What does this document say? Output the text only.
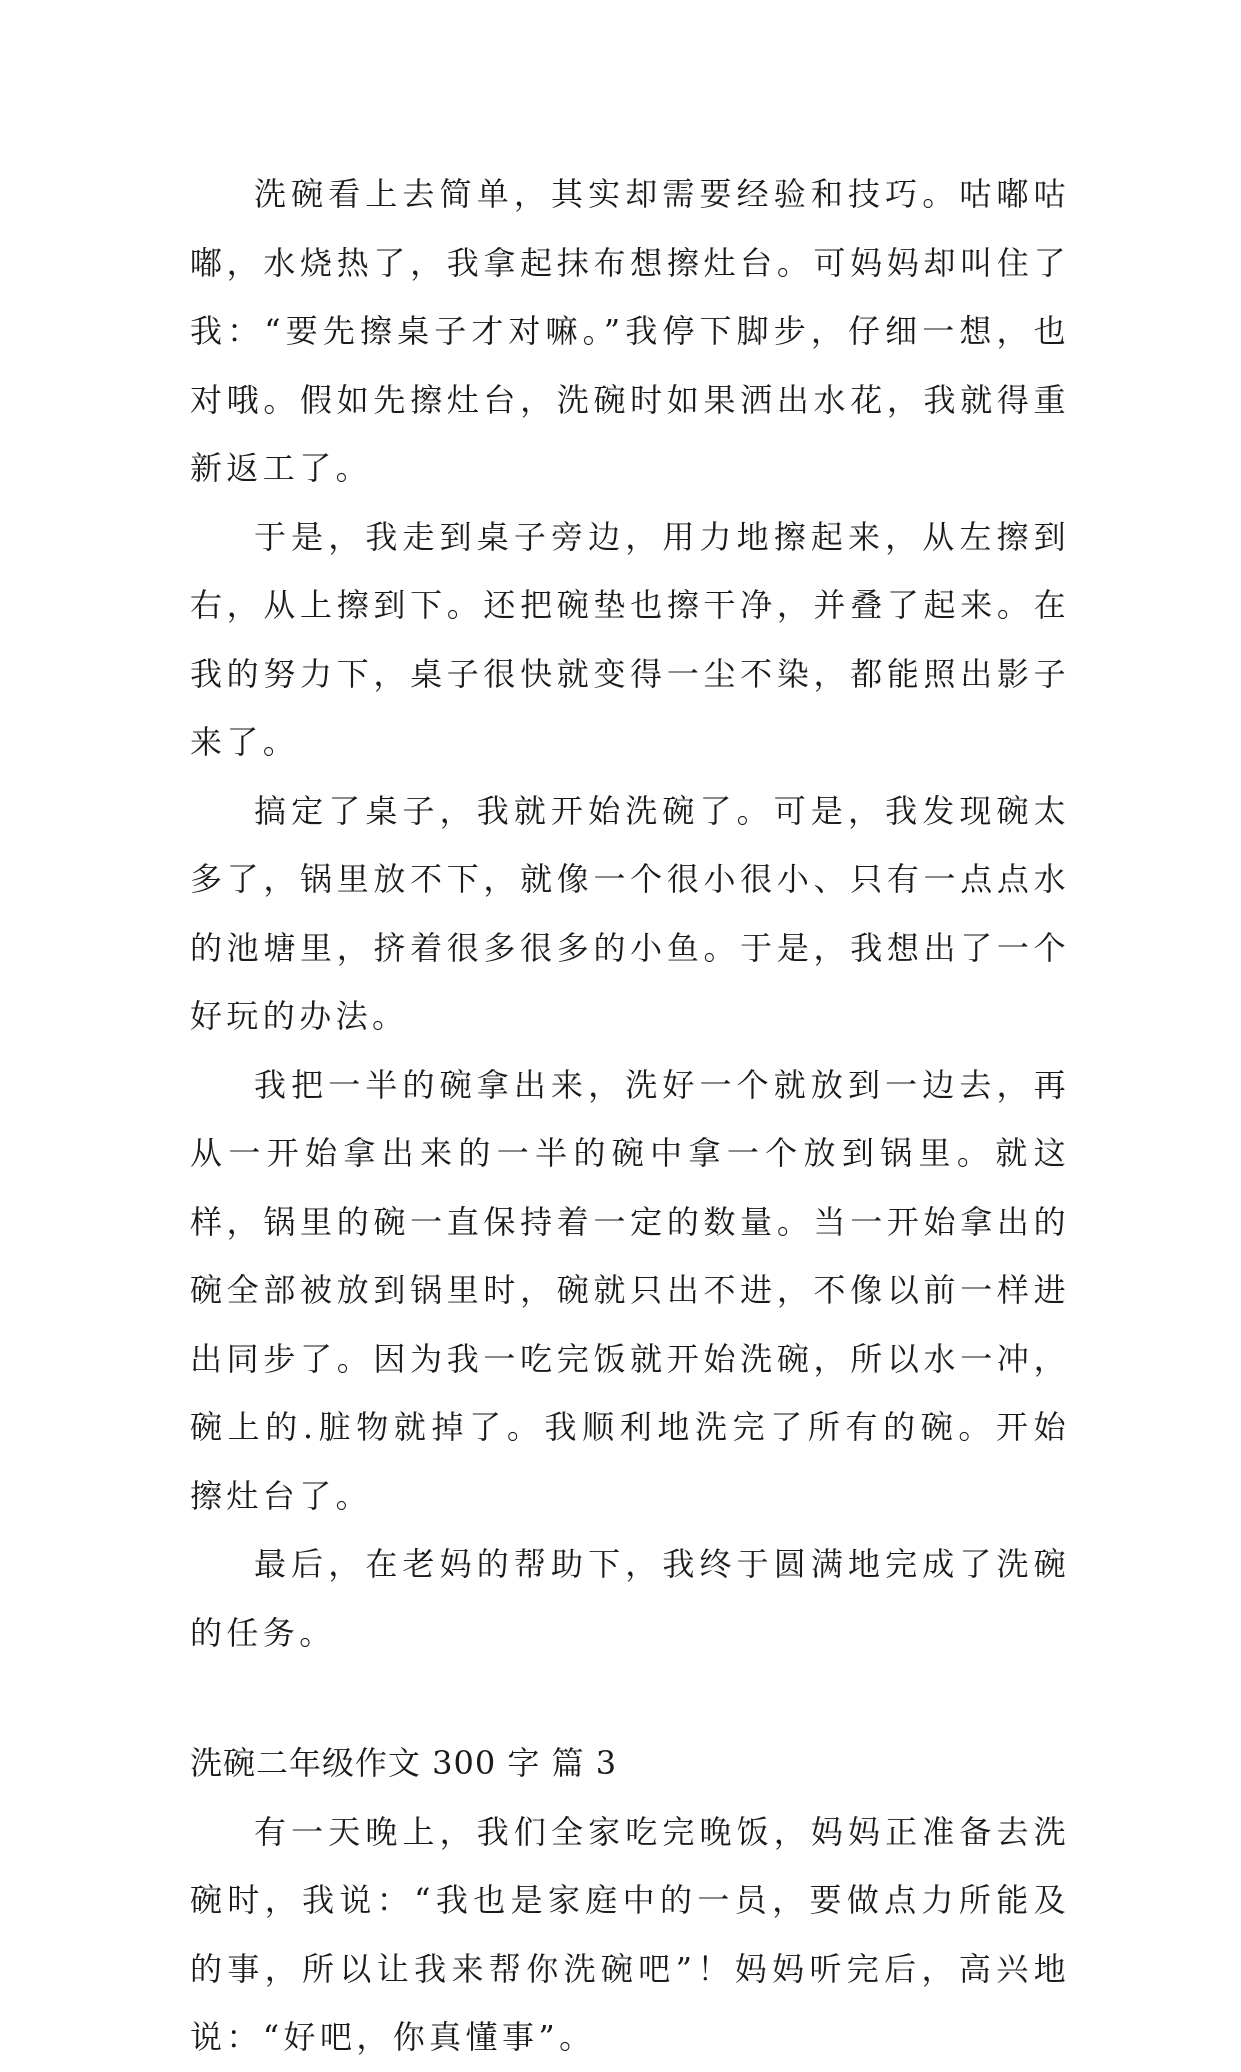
洗碗看上去简单，其实却需要经验和技巧。咕嘟咕嘟，水烧热了，我拿起抹布想擦灶台。可妈妈却叫住了我：“要先擦桌子才对嘛。”我停下脚步，仔细一想，也对哦。假如先擦灶台，洗碗时如果洒出水花，我就得重新返工了。

于是，我走到桌子旁边，用力地擦起来，从左擦到右，从上擦到下。还把碗垫也擦干净，并叠了起来。在我的努力下，桌子很快就变得一尘不染，都能照出影子来了。

搞定了桌子，我就开始洗碗了。可是，我发现碗太多了，锅里放不下，就像一个很小很小、只有一点点水的池塘里，挤着很多很多的小鱼。于是，我想出了一个好玩的办法。

我把一半的碗拿出来，洗好一个就放到一边去，再从一开始拿出来的一半的碗中拿一个放到锅里。就这样，锅里的碗一直保持着一定的数量。当一开始拿出的碗全部被放到锅里时，碗就只出不进，不像以前一样进出同步了。因为我一吃完饭就开始洗碗，所以水一冲，碗上的.脏物就掉了。我顺利地洗完了所有的碗。开始擦灶台了。

最后，在老妈的帮助下，我终于圆满地完成了洗碗的任务。

洗碗二年级作文 300 字 篇 3

有一天晚上，我们全家吃完晚饭，妈妈正准备去洗碗时，我说：“我也是家庭中的一员，要做点力所能及的事，所以让我来帮你洗碗吧”！妈妈听完后，高兴地说：“好吧，你真懂事”。
